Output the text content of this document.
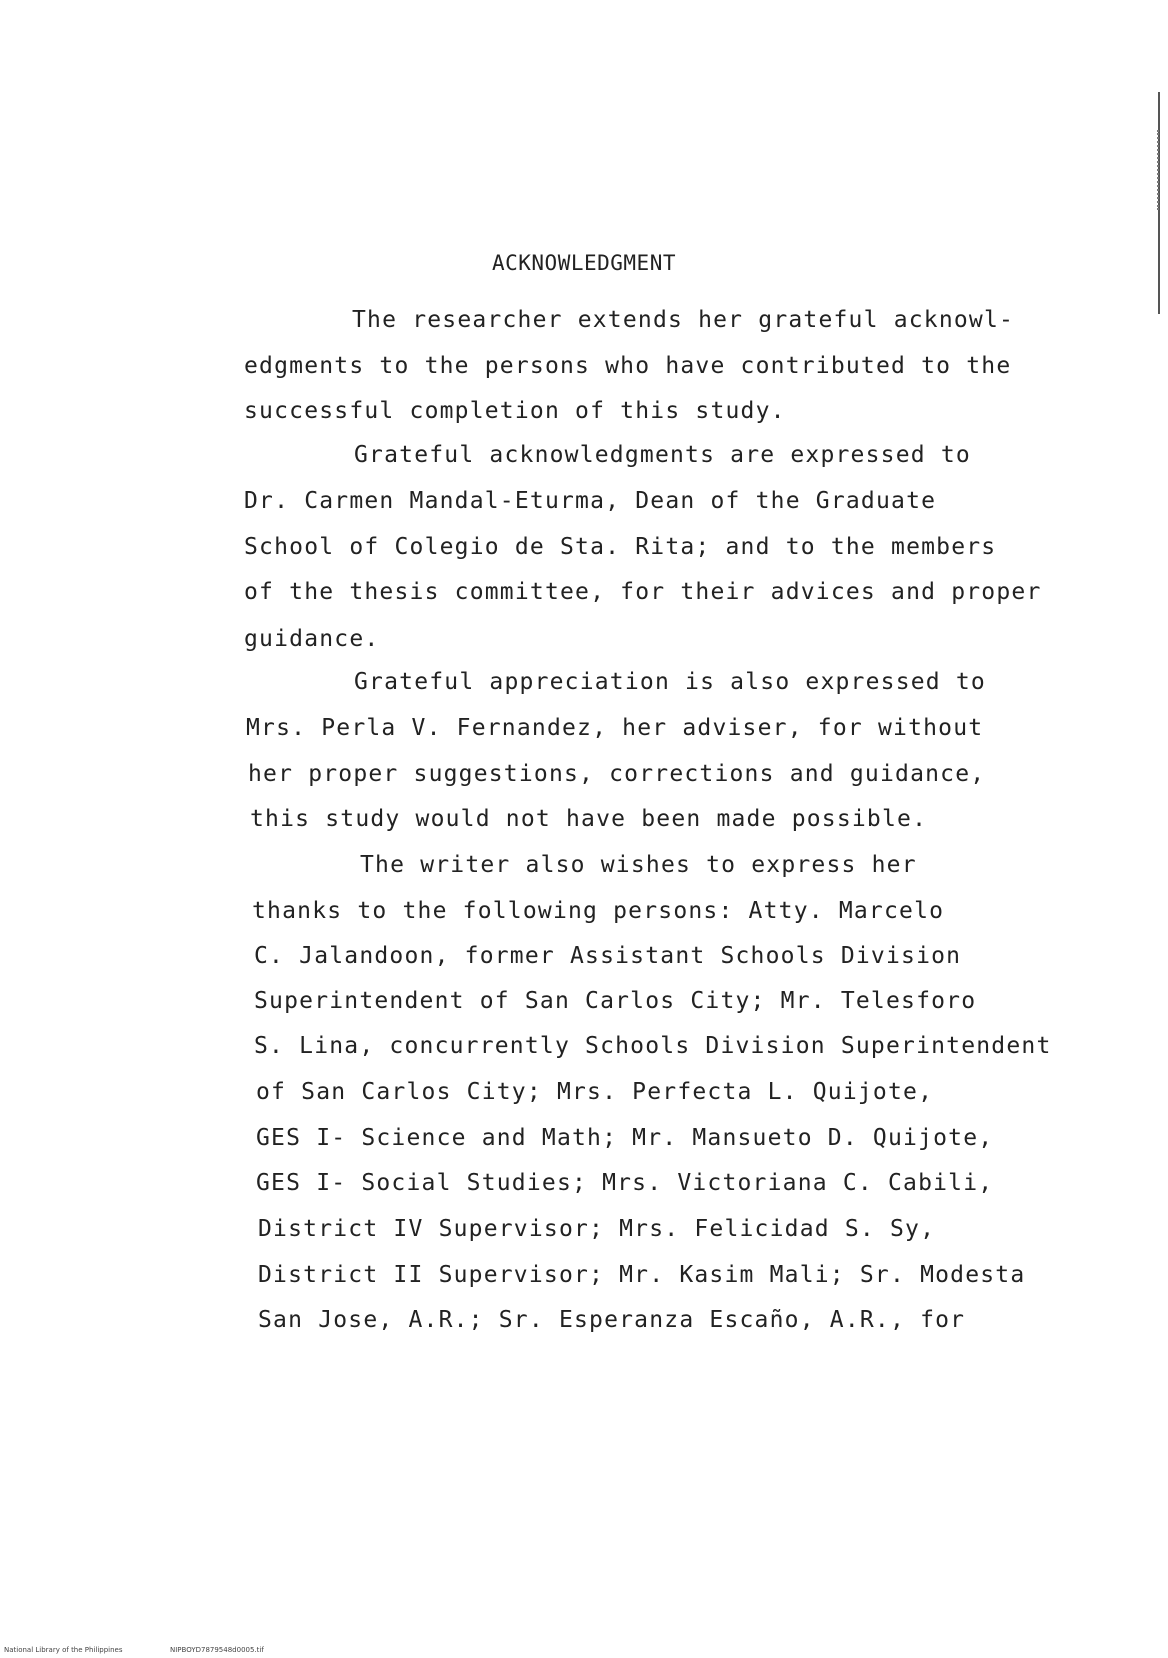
ACKNOWLEDGMENT
The researcher extends her grateful acknowl-
edgments to the persons who have contributed to the
successful completion of this study.
Grateful acknowledgments are expressed to
Dr. Carmen Mandal-Eturma, Dean of the Graduate
School of Colegio de Sta. Rita; and to the members
of the thesis committee, for their advices and proper
guidance.
Grateful appreciation is also expressed to
Mrs. Perla V. Fernandez, her adviser, for without
her proper suggestions, corrections and guidance,
this study would not have been made possible.
The writer also wishes to express her
thanks to the following persons: Atty. Marcelo
C. Jalandoon, former Assistant Schools Division
Superintendent of San Carlos City; Mr. Telesforo
S. Lina, concurrently Schools Division Superintendent
of San Carlos City; Mrs. Perfecta L. Quijote,
GES I- Science and Math; Mr. Mansueto D. Quijote,
GES I- Social Studies; Mrs. Victoriana C. Cabili,
District IV Supervisor; Mrs. Felicidad S. Sy,
District II Supervisor; Mr. Kasim Mali; Sr. Modesta
San Jose, A.R.; Sr. Esperanza Escaño, A.R., for
National Library of the Philippines	NIPBOYD7879548d0005.tif
